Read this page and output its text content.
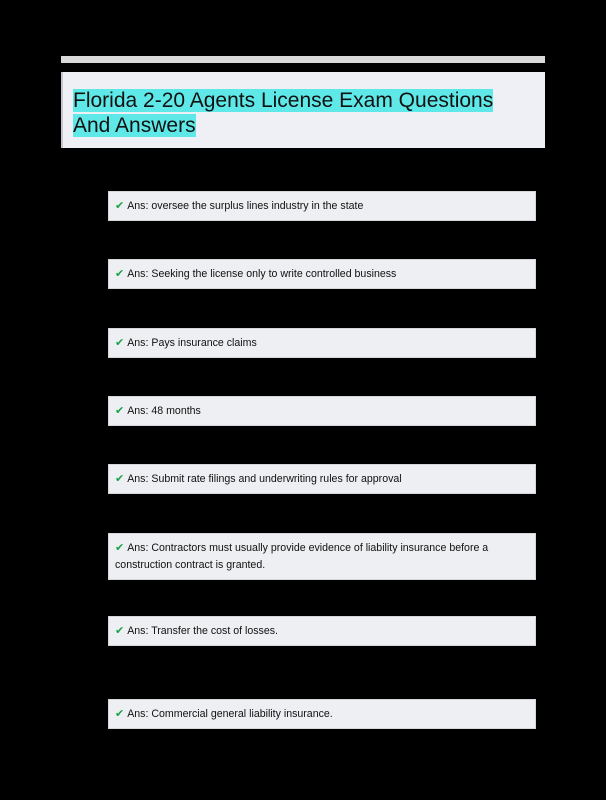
Florida 2-20 Agents License Exam Questions And Answers
✔ Ans: oversee the surplus lines industry in the state
✔ Ans: Seeking the license only to write controlled business
✔ Ans: Pays insurance claims
✔ Ans: 48 months
✔ Ans: Submit rate filings and underwriting rules for approval
✔ Ans: Contractors must usually provide evidence of liability insurance before a construction contract is granted.
✔ Ans: Transfer the cost of losses.
✔ Ans: Commercial general liability insurance.
